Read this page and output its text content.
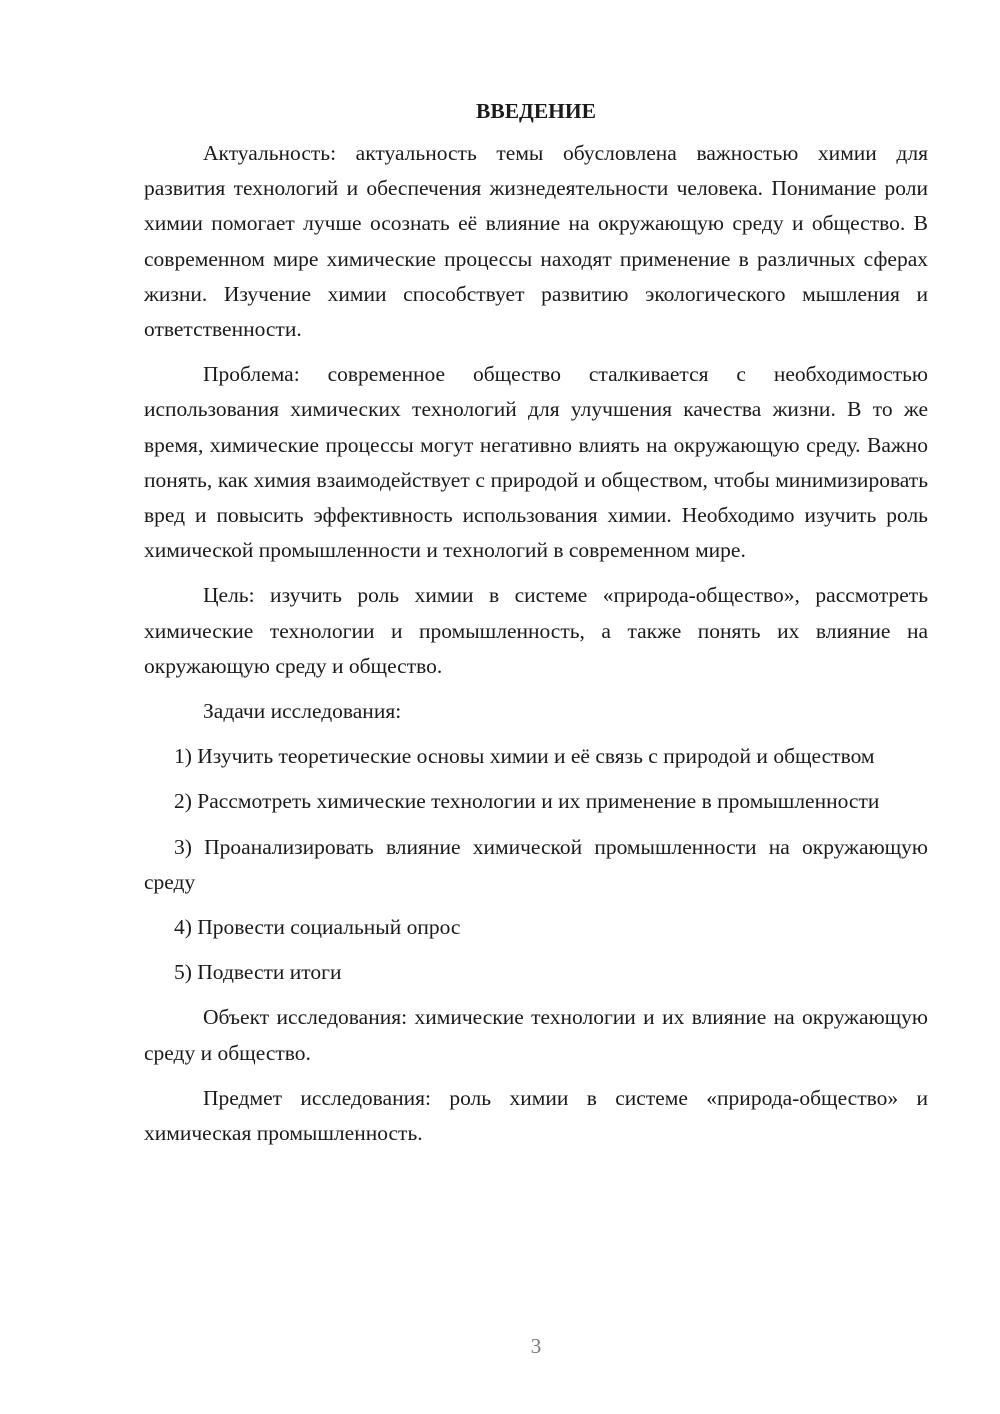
ВВЕДЕНИЕ

Актуальность: актуальность темы обусловлена важностью химии для развития технологий и обеспечения жизнедеятельности человека. Понимание роли химии помогает лучше осознать её влияние на окружающую среду и общество. В современном мире химические процессы находят применение в различных сферах жизни. Изучение химии способствует развитию экологического мышления и ответственности.

Проблема: современное общество сталкивается с необходимостью использования химических технологий для улучшения качества жизни. В то же время, химические процессы могут негативно влиять на окружающую среду. Важно понять, как химия взаимодействует с природой и обществом, чтобы минимизировать вред и повысить эффективность использования химии. Необходимо изучить роль химической промышленности и технологий в современном мире.

Цель: изучить роль химии в системе «природа-общество», рассмотреть химические технологии и промышленность, а также понять их влияние на окружающую среду и общество.

Задачи исследования:

1) Изучить теоретические основы химии и её связь с природой и обществом

2) Рассмотреть химические технологии и их применение в промышленности

3) Проанализировать влияние химической промышленности на окружающую среду

4) Провести социальный опрос

5) Подвести итоги

Объект исследования: химические технологии и их влияние на окружающую среду и общество.

Предмет исследования: роль химии в системе «природа-общество» и химическая промышленность.

3
